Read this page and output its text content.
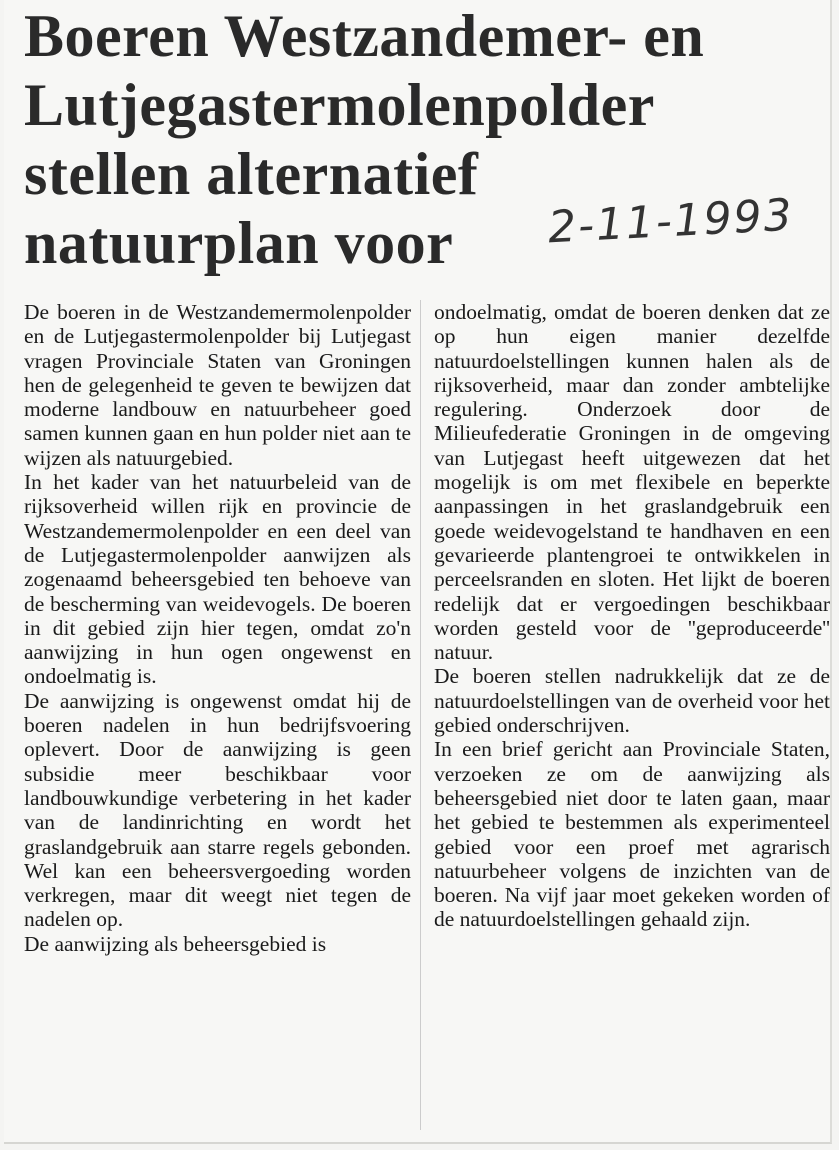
Boeren Westzandemer- en
Lutjegastermolenpolder
stellen alternatief
natuurplan voor	2-11-1993

De boeren in de Westzandemermolenpolder en de Lutjegastermolenpolder bij Lutjegast vragen Provinciale Staten van Groningen hen de gelegenheid te geven te bewijzen dat moderne landbouw en natuurbeheer goed samen kunnen gaan en hun polder niet aan te wijzen als natuurgebied.

In het kader van het natuurbeleid van de rijksoverheid willen rijk en provincie de Westzandemermolenpolder en een deel van de Lutjegastermolenpolder aanwijzen als zogenaamd beheersgebied ten behoeve van de bescherming van weidevogels. De boeren in dit gebied zijn hier tegen, omdat zo'n aanwijzing in hun ogen ongewenst en ondoelmatig is.

De aanwijzing is ongewenst omdat hij de boeren nadelen in hun bedrijfsvoering oplevert. Door de aanwijzing is geen subsidie meer beschikbaar voor landbouwkundige verbetering in het kader van de landinrichting en wordt het graslandgebruik aan starre regels gebonden. Wel kan een beheersvergoeding worden verkregen, maar dit weegt niet tegen de nadelen op.

De aanwijzing als beheersgebied is

ondoelmatig, omdat de boeren denken dat ze op hun eigen manier dezelfde natuurdoelstellingen kunnen halen als de rijksoverheid, maar dan zonder ambtelijke regulering. Onderzoek door de Milieufederatie Groningen in de omgeving van Lutjegast heeft uitgewezen dat het mogelijk is om met flexibele en beperkte aanpassingen in het graslandgebruik een goede weidevogelstand te handhaven en een gevarieerde plantengroei te ontwikkelen in perceelsranden en sloten. Het lijkt de boeren redelijk dat er vergoedingen beschikbaar worden gesteld voor de ''geproduceerde'' natuur.

De boeren stellen nadrukkelijk dat ze de natuurdoelstellingen van de overheid voor het gebied onderschrijven.

In een brief gericht aan Provinciale Staten, verzoeken ze om de aanwijzing als beheersgebied niet door te laten gaan, maar het gebied te bestemmen als experimenteel gebied voor een proef met agrarisch natuurbeheer volgens de inzichten van de boeren. Na vijf jaar moet gekeken worden of de natuurdoelstellingen gehaald zijn.
